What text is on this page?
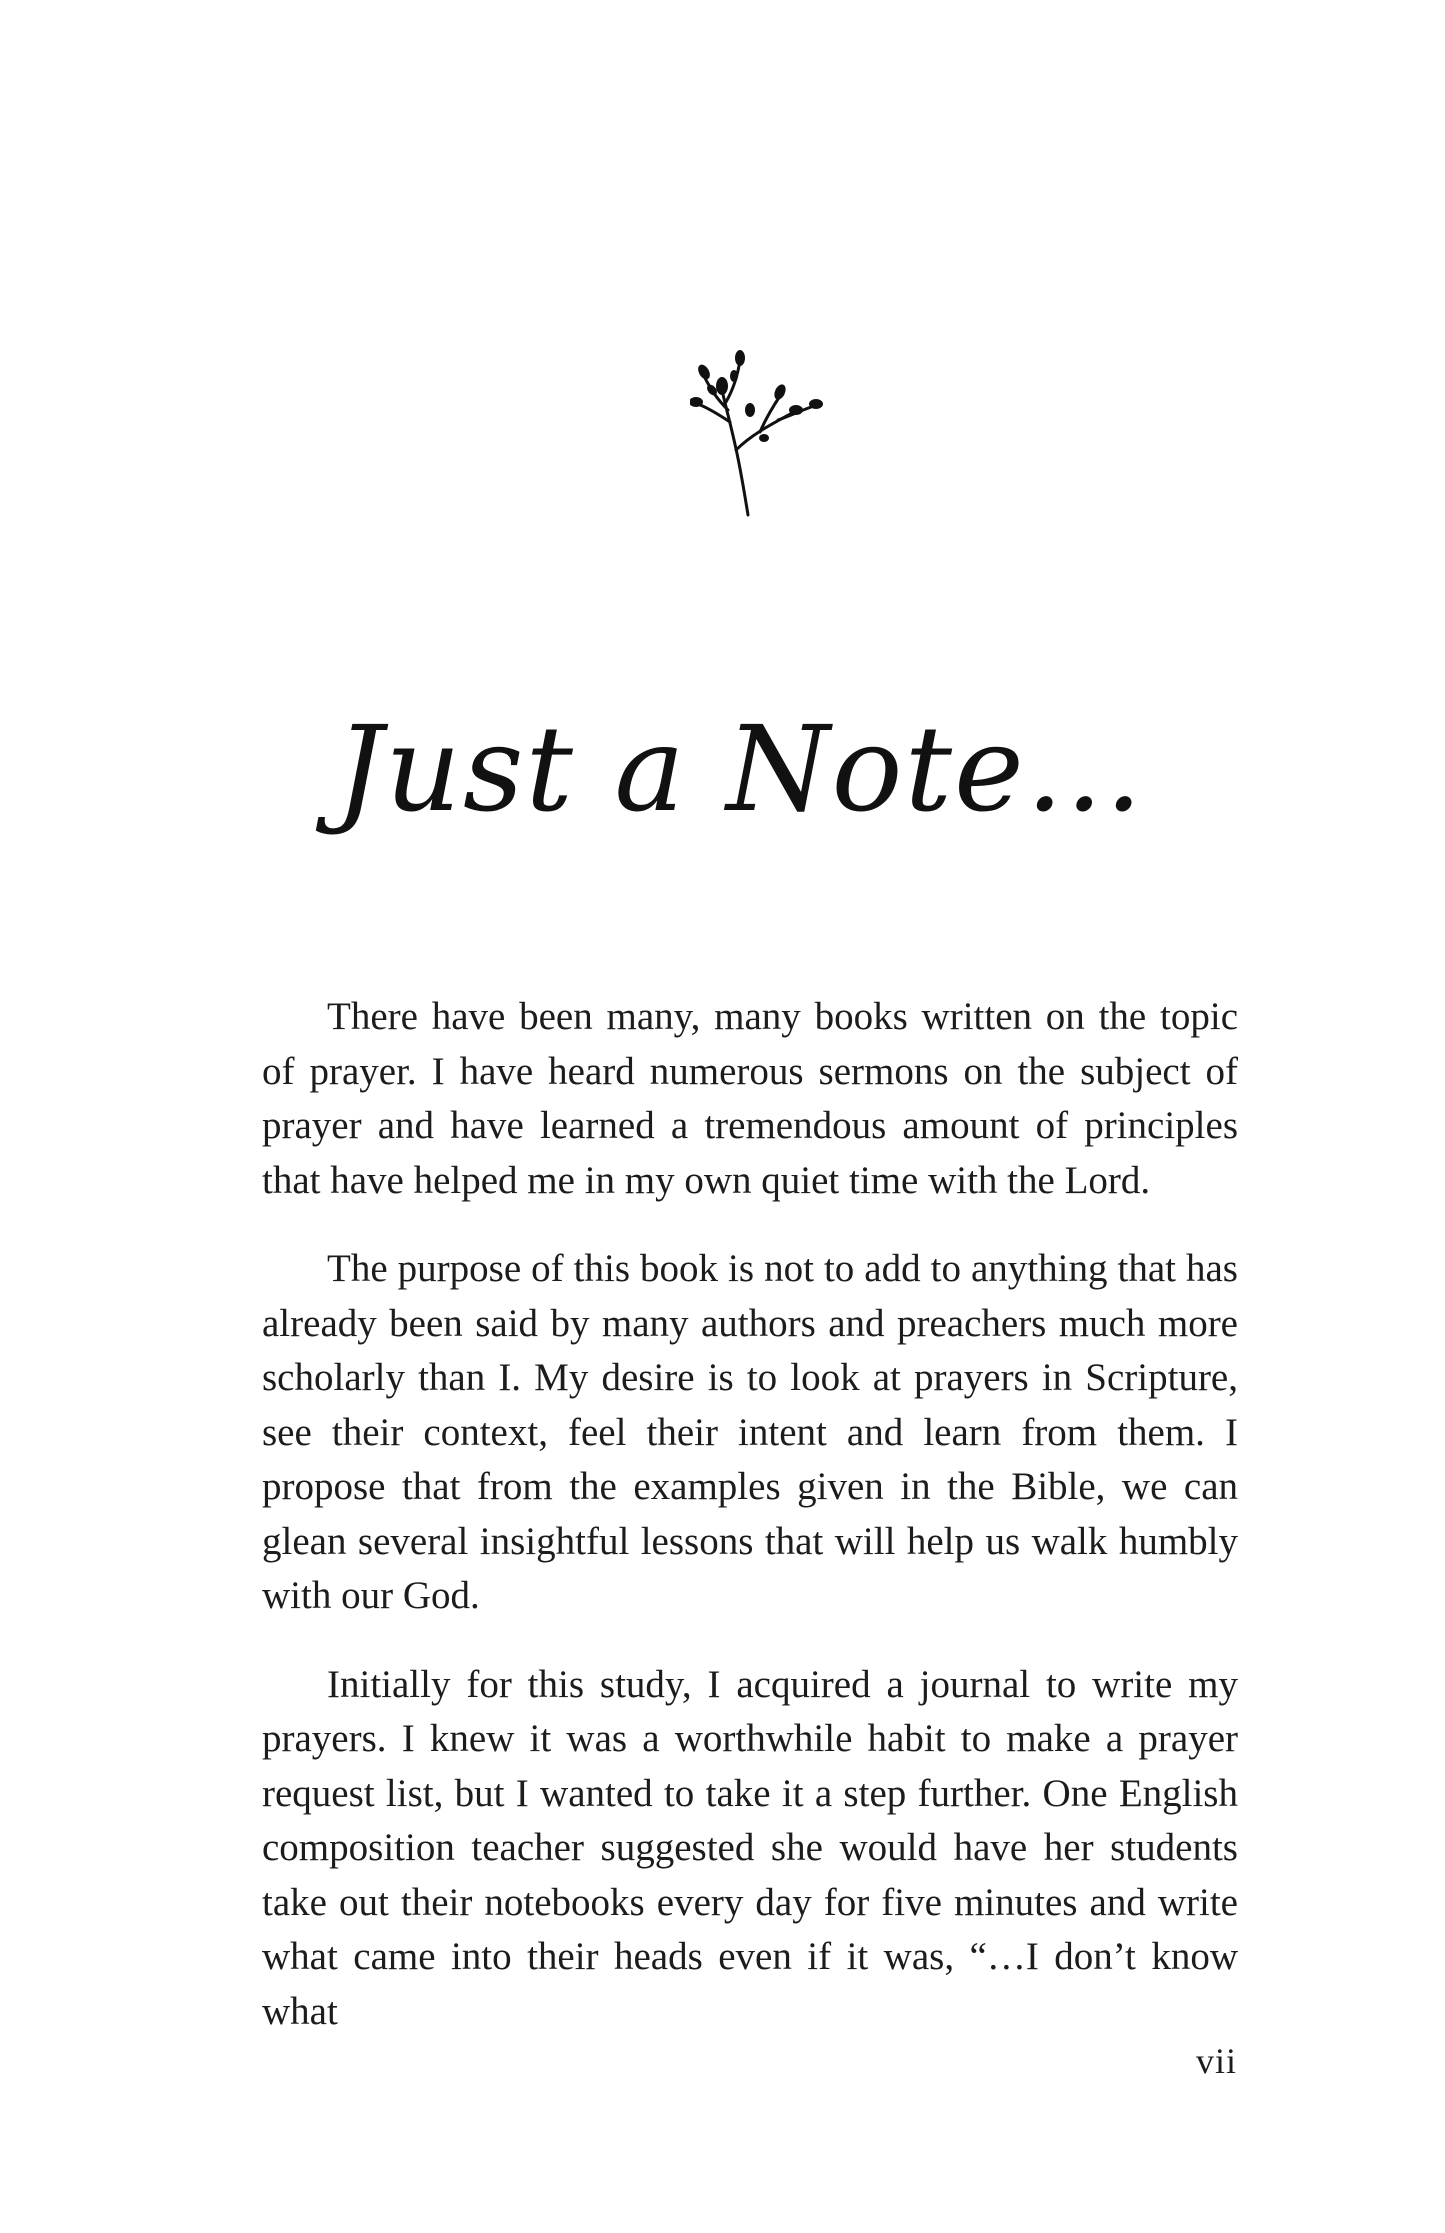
Just a Note...

There have been many, many books written on the topic of prayer. I have heard numerous sermons on the subject of prayer and have learned a tremendous amount of principles that have helped me in my own quiet time with the Lord.

The purpose of this book is not to add to anything that has already been said by many authors and preachers much more scholarly than I. My desire is to look at prayers in Scripture, see their context, feel their intent and learn from them. I propose that from the examples given in the Bible, we can glean several insightful lessons that will help us walk humbly with our God.

Initially for this study, I acquired a journal to write my prayers. I knew it was a worthwhile habit to make a prayer request list, but I wanted to take it a step further. One English composition teacher suggested she would have her students take out their notebooks every day for five minutes and write what came into their heads even if it was, “…I don’t know what

vii
